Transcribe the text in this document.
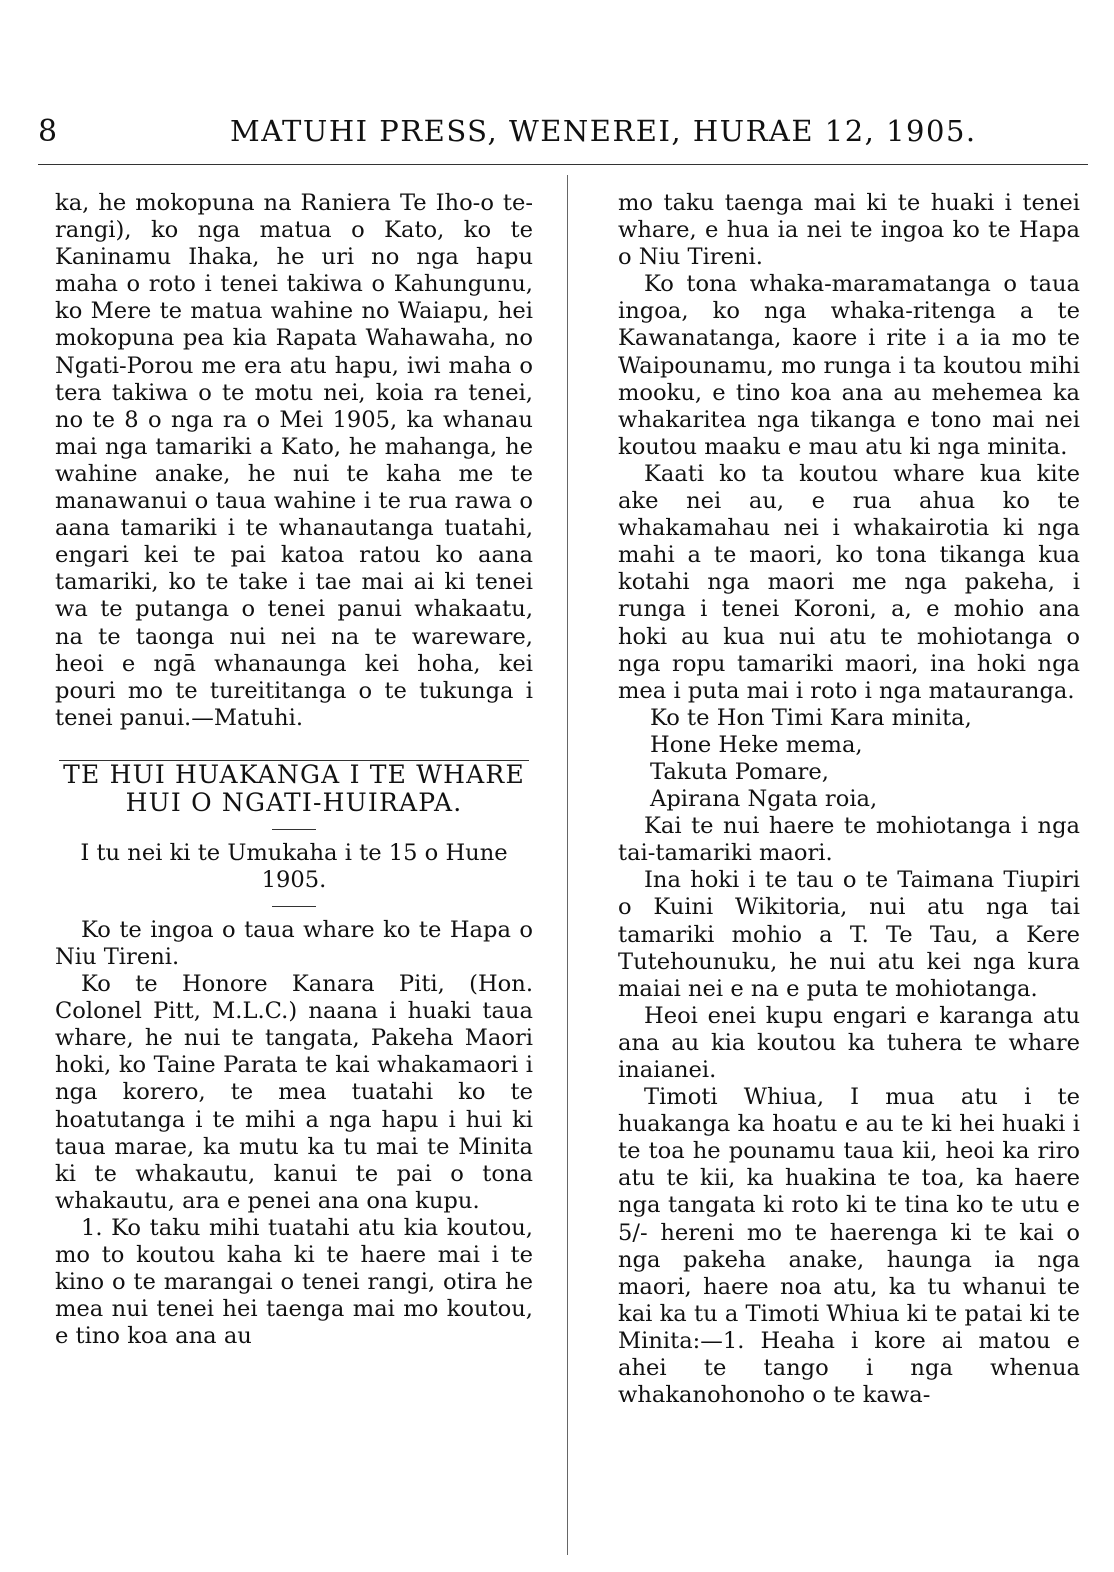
8	MATUHI PRESS, WENEREI, HURAE 12, 1905.

ka, he mokopuna na Raniera Te Iho-o te-rangi), ko nga matua o Kato, ko te Kaninamu Ihaka, he uri no nga hapu maha o roto i tenei takiwa o Kahungunu, ko Mere te matua wahine no Waiapu, hei mokopuna pea kia Rapata Wahawaha, no Ngati-Porou me era atu hapu, iwi maha o tera takiwa o te motu nei, koia ra tenei, no te 8 o nga ra o Mei 1905, ka whanau mai nga tamariki a Kato, he mahanga, he wahine anake, he nui te kaha me te manawanui o taua wahine i te rua rawa o aana tamariki i te whanautanga tuatahi, engari kei te pai katoa ratou ko aana tamariki, ko te take i tae mai ai ki tenei wa te putanga o tenei panui whakaatu, na te taonga nui nei na te wareware, heoi e ngā whanaunga kei hoha, kei pouri mo te tureititanga o te tukunga i tenei panui.—Matuhi.

TE HUI HUAKANGA I TE WHARE HUI O NGATI-HUIRAPA.

I tu nei ki te Umukaha i te 15 o Hune 1905.

Ko te ingoa o taua whare ko te Hapa o Niu Tireni.

Ko te Honore Kanara Piti, (Hon. Colonel Pitt, M.L.C.) naana i huaki taua whare, he nui te tangata, Pakeha Maori hoki, ko Taine Parata te kai whakamaori i nga korero, te mea tuatahi ko te hoatutanga i te mihi a nga hapu i hui ki taua marae, ka mutu ka tu mai te Minita ki te whakautu, kanui te pai o tona whakautu, ara e penei ana ona kupu.

1. Ko taku mihi tuatahi atu kia koutou, mo to koutou kaha ki te haere mai i te kino o te marangai o tenei rangi, otira he mea nui tenei hei taenga mai mo koutou, e tino koa ana au

mo taku taenga mai ki te huaki i tenei whare, e hua ia nei te ingoa ko te Hapa o Niu Tireni.

Ko tona whaka-maramatanga o taua ingoa, ko nga whaka-ritenga a te Kawanatanga, kaore i rite i a ia mo te Waipounamu, mo runga i ta koutou mihi mooku, e tino koa ana au mehemea ka whakaritea nga tikanga e tono mai nei koutou maaku e mau atu ki nga minita.

Kaati ko ta koutou whare kua kite ake nei au, e rua ahua ko te whakamahau nei i whakairotia ki nga mahi a te maori, ko tona tikanga kua kotahi nga maori me nga pakeha, i runga i tenei Koroni, a, e mohio ana hoki au kua nui atu te mohiotanga o nga ropu tamariki maori, ina hoki nga mea i puta mai i roto i nga matauranga.

Ko te Hon Timi Kara minita,

Hone Heke mema,

Takuta Pomare,

Apirana Ngata roia,

Kai te nui haere te mohiotanga i nga tai-tamariki maori.

Ina hoki i te tau o te Taimana Tiupiri o Kuini Wikitoria, nui atu nga tai tamariki mohio a T. Te Tau, a Kere Tutehounuku, he nui atu kei nga kura maiai nei e na e puta te mohiotanga.

Heoi enei kupu engari e karanga atu ana au kia koutou ka tuhera te whare inaianei.

Timoti Whiua, I mua atu i te huakanga ka hoatu e au te ki hei huaki i te toa he pounamu taua kii, heoi ka riro atu te kii, ka huakina te toa, ka haere nga tangata ki roto ki te tina ko te utu e 5/- hereni mo te haerenga ki te kai o nga pakeha anake, haunga ia nga maori, haere noa atu, ka tu whanui te kai ka tu a Timoti Whiua ki te patai ki te Minita:—1. Heaha i kore ai matou e ahei te tango i nga whenua whakanohonoho o te kawa-
